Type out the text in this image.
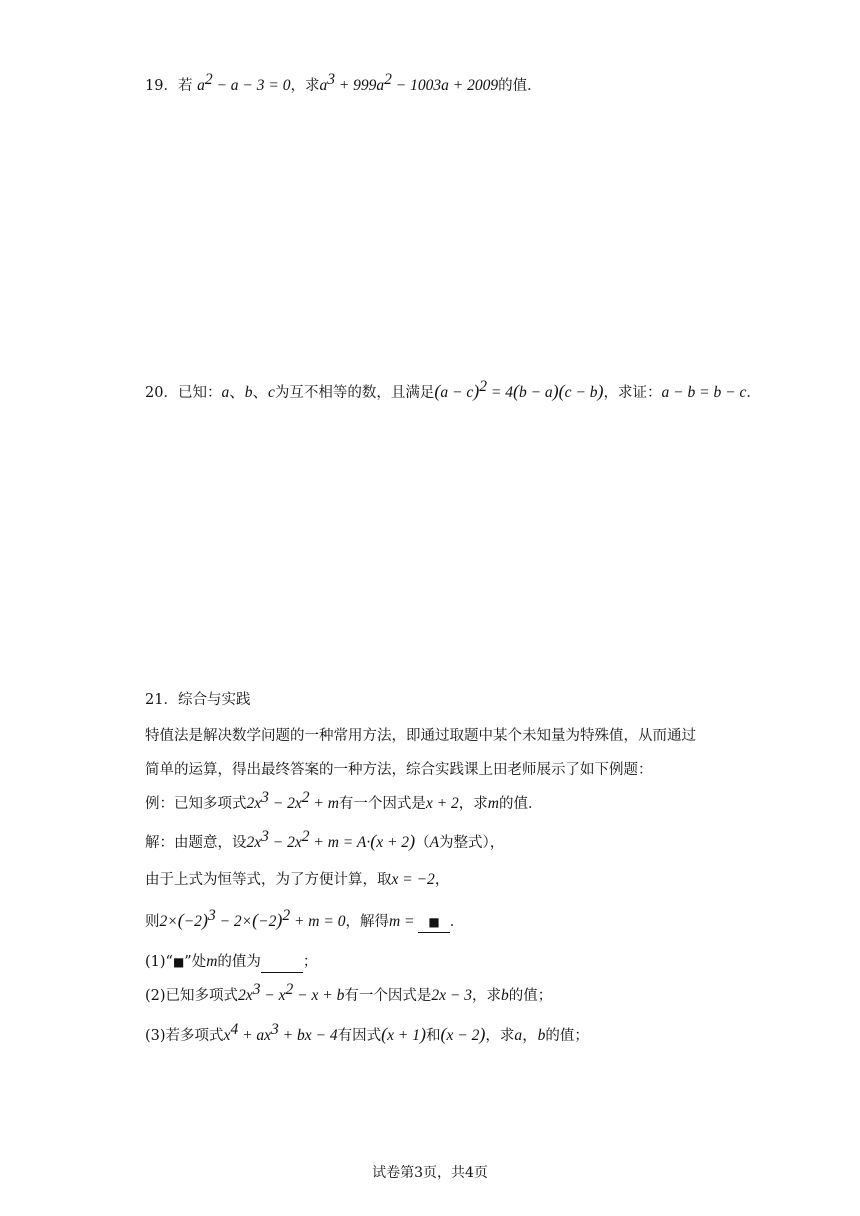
19．若 $a^2 - a - 3 = 0$，求$a^3 + 999a^2 - 1003a + 2009$的值．
20．已知：a、b、c为互不相等的数，且满足$(a - c)^2 = 4(b - a)(c - b)$，求证：a − b = b − c．
21．综合与实践
特值法是解决数学问题的一种常用方法，即通过取题中某个未知量为特殊值，从而通过
简单的运算，得出最终答案的一种方法，综合实践课上田老师展示了如下例题：
例：已知多项式$2x^3 - 2x^2 + m$有一个因式是x + 2，求m的值．
解：由题意，设$2x^3 - 2x^2 + m = A\cdot(x + 2)(A$为整式），
由于上式为恒等式，为了方便计算，取x = −2，
则$2\times(-2)^3 - 2\times(-2)^2 + m = 0$，解得m = ■ ．
(1)“■”处m的值为	；
(2)已知多项式$2x^3 - x^2 - x + b$有一个因式是2x − 3，求b的值；
(3)若多项式$x^4 + ax^3$ + bx − 4有因式(x + 1)和(x − 2)，求a，b的值；
试卷第3页，共4页
